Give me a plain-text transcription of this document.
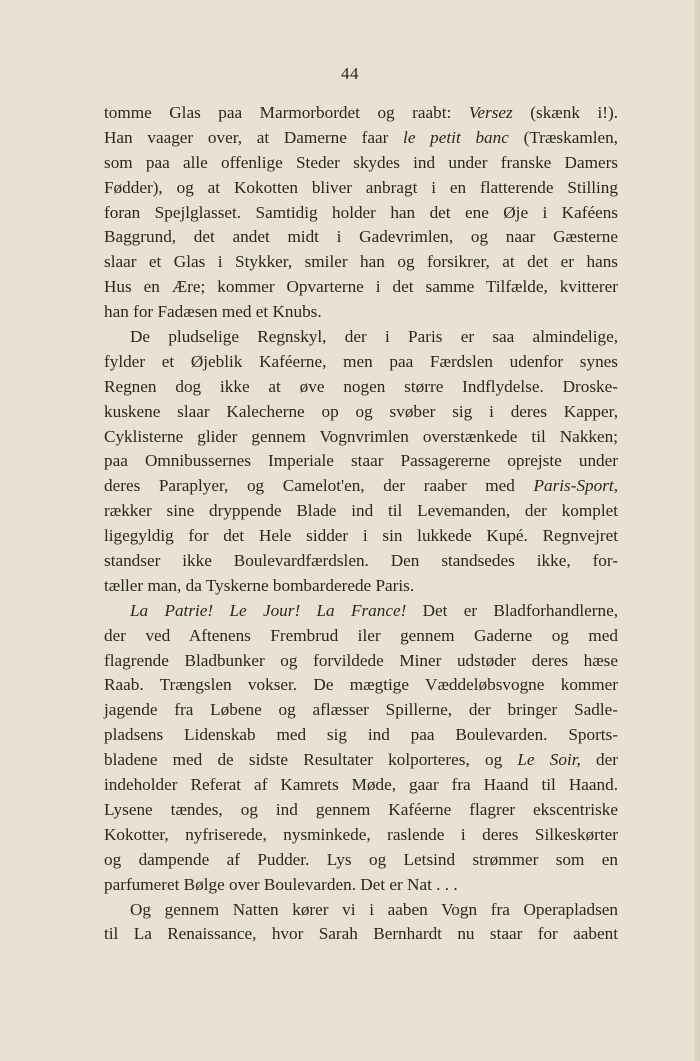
44
tomme Glas paa Marmorbordet og raabt: Versez (skænk i!).
Han vaager over, at Damerne faar le petit banc (Træskamlen,
som paa alle offenlige Steder skydes ind under franske Damers
Fødder), og at Kokotten bliver anbragt i en flatterende Stilling
foran Spejlglasset. Samtidig holder han det ene Øje i Kaféens
Baggrund, det andet midt i Gadevrimlen, og naar Gæsterne
slaar et Glas i Stykker, smiler han og forsikrer, at det er hans
Hus en Ære; kommer Opvarterne i det samme Tilfælde, kvitterer
han for Fadæsen med et Knubs.
De pludselige Regnskyl, der i Paris er saa almindelige,
fylder et Øjeblik Kaféerne, men paa Færdslen udenfor synes
Regnen dog ikke at øve nogen større Indflydelse. Droske-
kuskene slaar Kalecherne op og svøber sig i deres Kapper,
Cyklisterne glider gennem Vognvrimlen overstænkede til Nakken;
paa Omnibussernes Imperiale staar Passagererne oprejste under
deres Paraplyer, og Camelot'en, der raaber med Paris-Sport,
rækker sine dryppende Blade ind til Levemanden, der komplet
ligegyldig for det Hele sidder i sin lukkede Kupé. Regnvejret
standser ikke Boulevardfærdslen. Den standsedes ikke, for-
tæller man, da Tyskerne bombarderede Paris.
La Patrie! Le Jour! La France! Det er Bladforhandlerne,
der ved Aftenens Frembrud iler gennem Gaderne og med
flagrende Bladbunker og forvildede Miner udstøder deres hæse
Raab. Trængslen vokser. De mægtige Væddeløbsvogne kommer
jagende fra Løbene og aflæsser Spillerne, der bringer Sadle-
pladsens Lidenskab med sig ind paa Boulevarden. Sports-
bladene med de sidste Resultater kolporteres, og Le Soir, der
indeholder Referat af Kamrets Møde, gaar fra Haand til Haand.
Lysene tændes, og ind gennem Kaféerne flagrer ekscentriske
Kokotter, nyfriserede, nysminkede, raslende i deres Silkeskørter
og dampende af Pudder. Lys og Letsind strømmer som en
parfumeret Bølge over Boulevarden. Det er Nat . . .
Og gennem Natten kører vi i aaben Vogn fra Operapladsen
til La Renaissance, hvor Sarah Bernhardt nu staar for aabent
